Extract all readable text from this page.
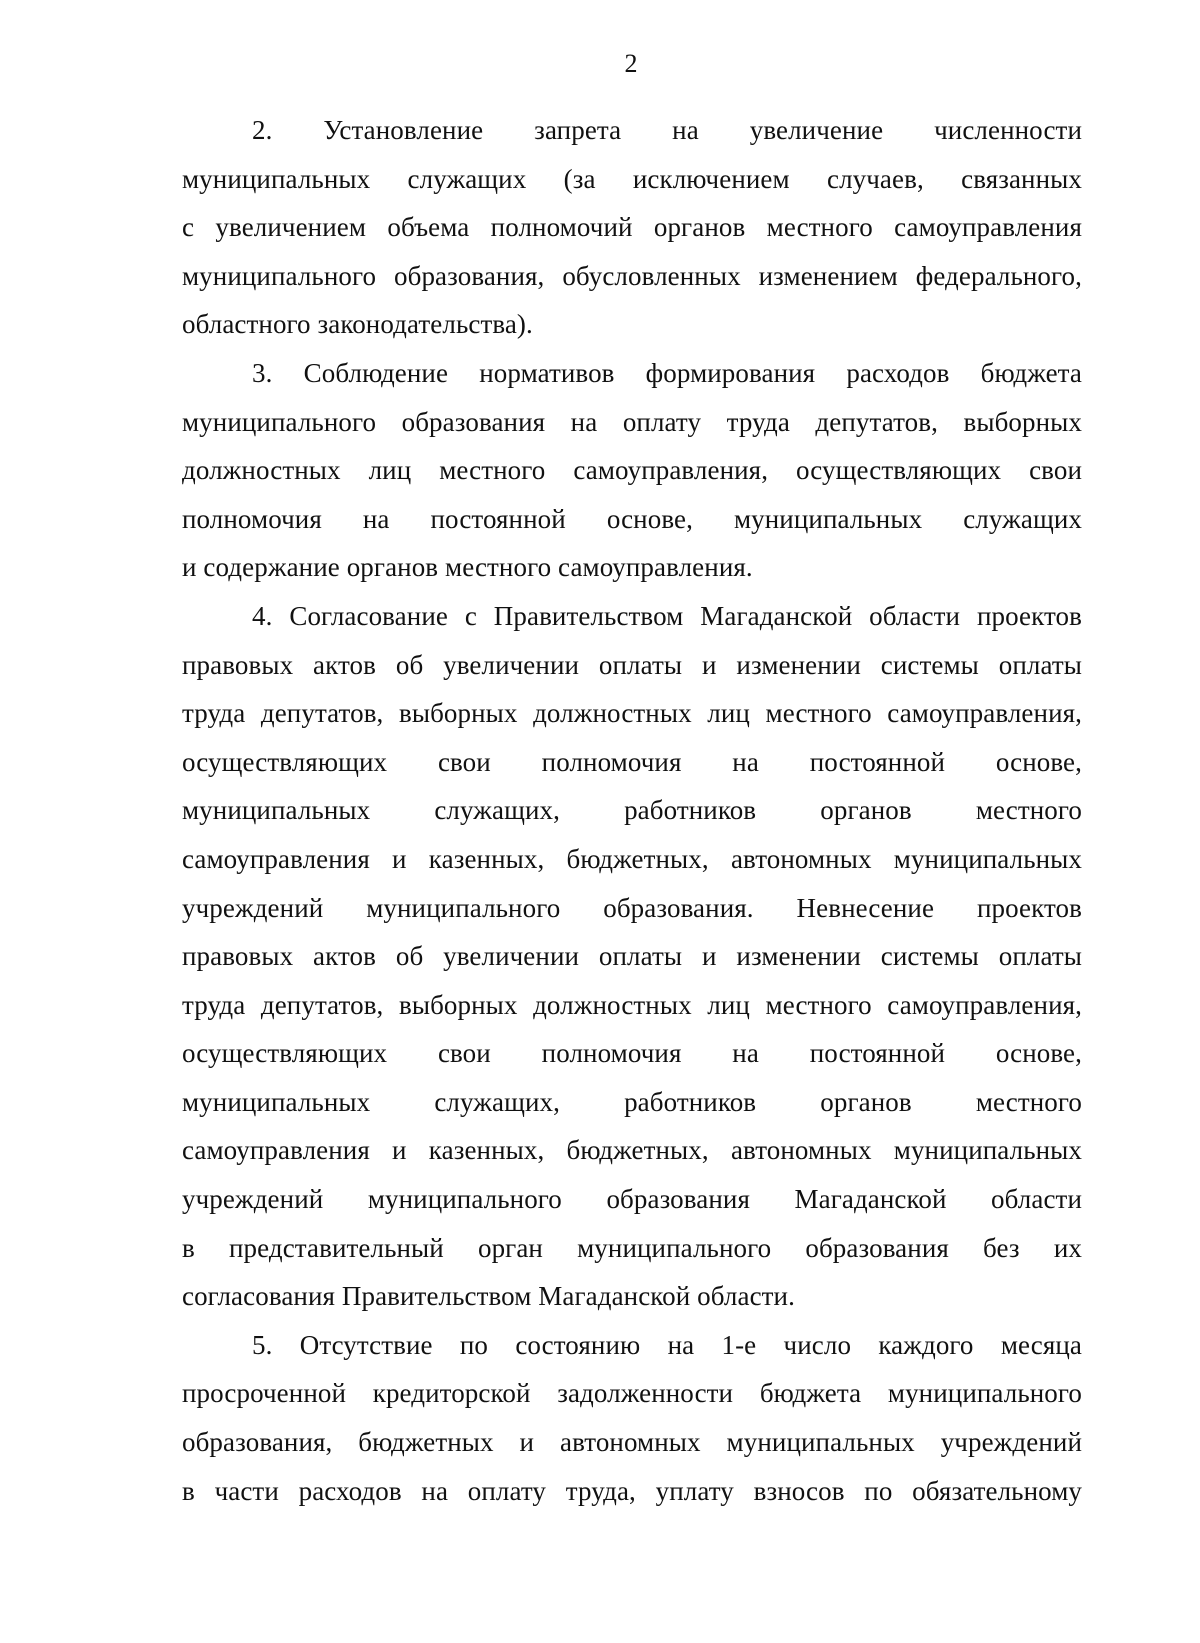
2

2. Установление запрета на увеличение численности
муниципальных служащих (за исключением случаев, связанных
с увеличением объема полномочий органов местного самоуправления
муниципального образования, обусловленных изменением федерального,
областного законодательства).

3. Соблюдение нормативов формирования расходов бюджета
муниципального образования на оплату труда депутатов, выборных
должностных лиц местного самоуправления, осуществляющих свои
полномочия на постоянной основе, муниципальных служащих
и содержание органов местного самоуправления.

4. Согласование с Правительством Магаданской области проектов
правовых актов об увеличении оплаты и изменении системы оплаты
труда депутатов, выборных должностных лиц местного самоуправления,
осуществляющих свои полномочия на постоянной основе,
муниципальных служащих, работников органов местного
самоуправления и казенных, бюджетных, автономных муниципальных
учреждений муниципального образования. Невнесение проектов
правовых актов об увеличении оплаты и изменении системы оплаты
труда депутатов, выборных должностных лиц местного самоуправления,
осуществляющих свои полномочия на постоянной основе,
муниципальных служащих, работников органов местного
самоуправления и казенных, бюджетных, автономных муниципальных
учреждений муниципального образования Магаданской области
в представительный орган муниципального образования без их
согласования Правительством Магаданской области.

5. Отсутствие по состоянию на 1-е число каждого месяца
просроченной кредиторской задолженности бюджета муниципального
образования, бюджетных и автономных муниципальных учреждений
в части расходов на оплату труда, уплату взносов по обязательному
